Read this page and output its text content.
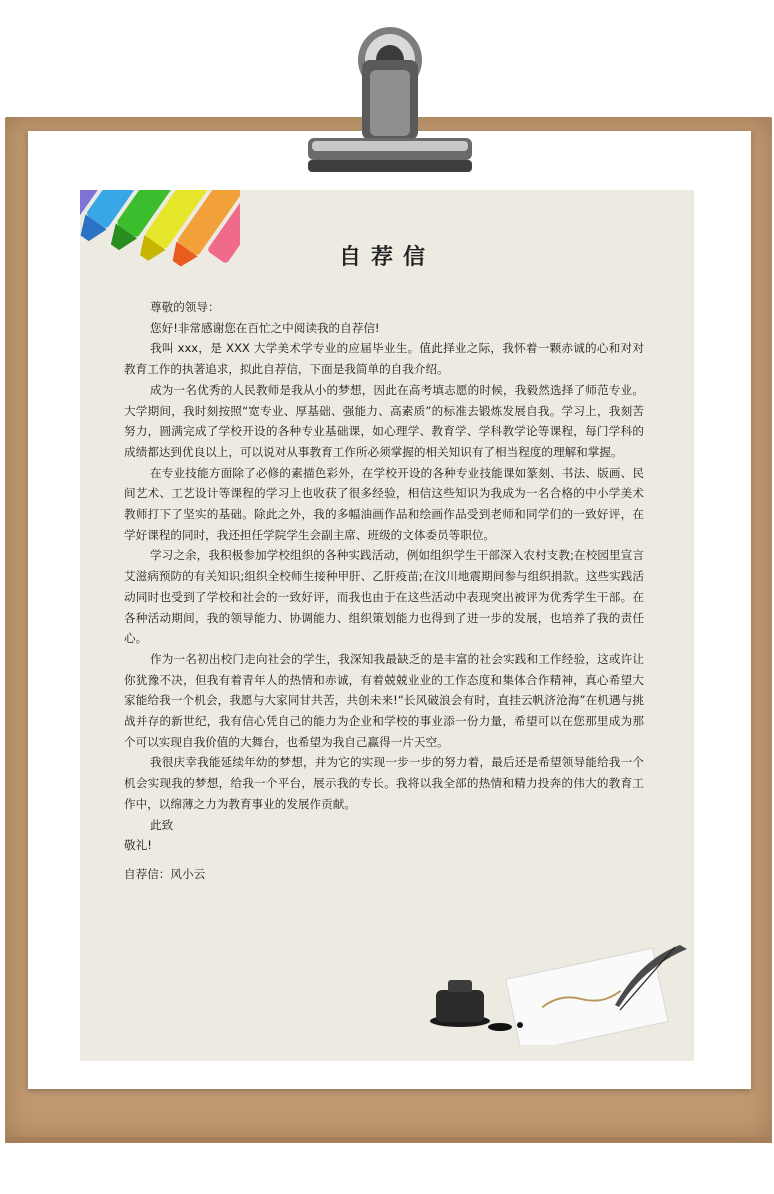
自荐信

尊敬的领导：

您好!非常感谢您在百忙之中阅读我的自荐信!

我叫 xxx，是 XXX 大学美术学专业的应届毕业生。值此择业之际，我怀着一颗赤诚的心和对对教育工作的执著追求，拟此自荐信，下面是我简单的自我介绍。

成为一名优秀的人民教师是我从小的梦想，因此在高考填志愿的时候，我毅然选择了师范专业。大学期间，我时刻按照“宽专业、厚基础、强能力、高素质”的标准去锻炼发展自我。学习上，我刻苦努力，圆满完成了学校开设的各种专业基础课，如心理学、教育学、学科教学论等课程，每门学科的成绩都达到优良以上，可以说对从事教育工作所必须掌握的相关知识有了相当程度的理解和掌握。

在专业技能方面除了必修的素描色彩外，在学校开设的各种专业技能课如篆刻、书法、版画、民间艺术、工艺设计等课程的学习上也收获了很多经验，相信这些知识为我成为一名合格的中小学美术教师打下了坚实的基础。除此之外，我的多幅油画作品和绘画作品受到老师和同学们的一致好评，在学好课程的同时，我还担任学院学生会副主席、班级的文体委员等职位。

学习之余，我积极参加学校组织的各种实践活动，例如组织学生干部深入农村支教;在校园里宣言艾滋病预防的有关知识;组织全校师生接种甲肝、乙肝疫苗;在汶川地震期间参与组织捐款。这些实践活动同时也受到了学校和社会的一致好评，而我也由于在这些活动中表现突出被评为优秀学生干部。在各种活动期间，我的领导能力、协调能力、组织策划能力也得到了进一步的发展，也培养了我的责任心。

作为一名初出校门走向社会的学生，我深知我最缺乏的是丰富的社会实践和工作经验，这或许让你犹豫不决，但我有着青年人的热情和赤诚，有着兢兢业业的工作态度和集体合作精神，真心希望大家能给我一个机会，我愿与大家同甘共苦，共创未来!“长风破浪会有时，直挂云帆济沧海”在机遇与挑战并存的新世纪，我有信心凭自己的能力为企业和学校的事业添一份力量，希望可以在您那里成为那个可以实现自我价值的大舞台，也希望为我自己赢得一片天空。

我很庆幸我能延续年幼的梦想，并为它的实现一步一步的努力着，最后还是希望领导能给我一个机会实现我的梦想，给我一个平台，展示我的专长。我将以我全部的热情和精力投奔的伟大的教育工作中，以绵薄之力为教育事业的发展作贡献。

此致

敬礼!

自荐信：风小云
